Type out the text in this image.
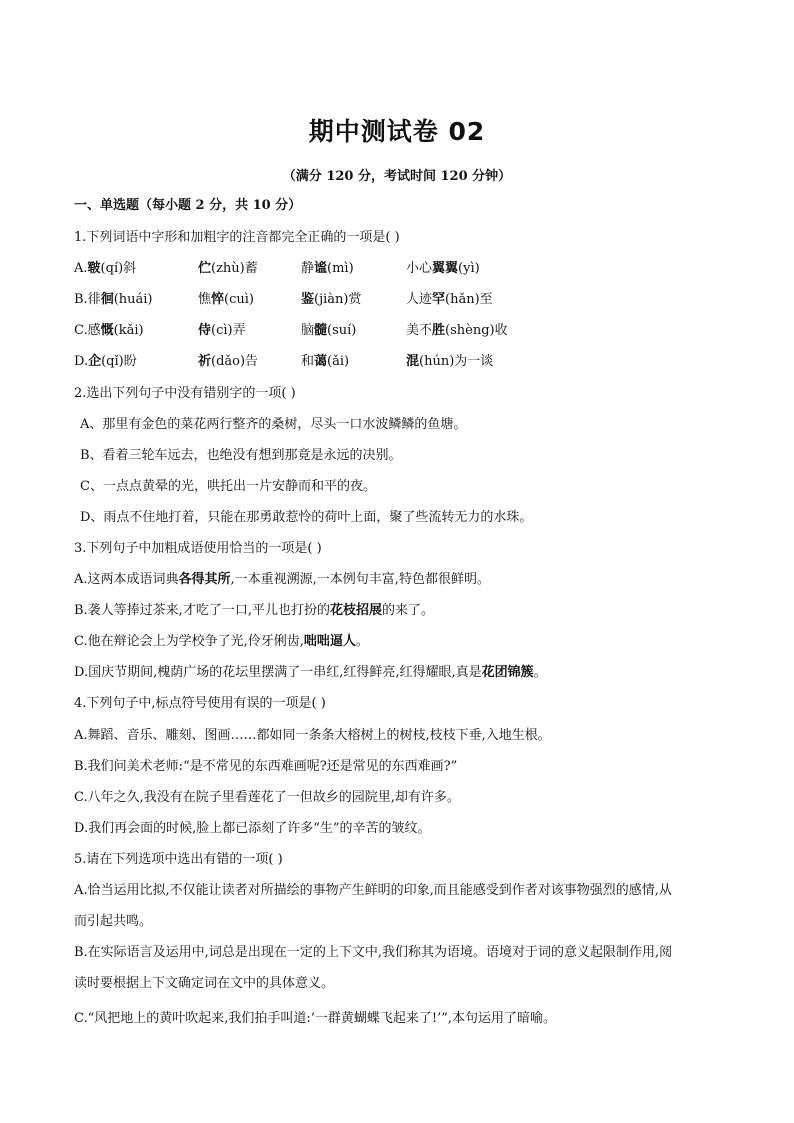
期中测试卷 02
（满分 120 分，考试时间 120 分钟）
一、单选题（每小题 2 分，共 10 分）
1.下列词语中字形和加粗字的注音都完全正确的一项是( )
A.皲(qí)斜	伫(zhù)蓄	静谧(mì)	小心翼翼(yì)
B.徘徊(huái)	憔悴(cuì)	鉴(jiàn)赏	人迹罕(hǎn)至
C.感慨(kǎi)	侍(cì)弄	脑髓(suí)	美不胜(shèng)收
D.企(qǐ)盼	祈(dǎo)告	和蔼(ǎi)	混(hún)为一谈
2.选出下列句子中没有错别字的一项( )
A、那里有金色的菜花两行整齐的桑树，尽头一口水波鳞鳞的鱼塘。
B、看着三轮车远去，也绝没有想到那竟是永远的决别。
C、一点点黄晕的光，哄托出一片安静而和平的夜。
D、雨点不住地打着，只能在那勇敢惹怜的荷叶上面，聚了些流转无力的水珠。
3.下列句子中加粗成语使用恰当的一项是( )
A.这两本成语词典各得其所,一本重视溯源,一本例句丰富,特色都很鲜明。
B.袭人等捧过茶来,才吃了一口,平儿也打扮的花枝招展的来了。
C.他在辩论会上为学校争了光,伶牙俐齿,咄咄逼人。
D.国庆节期间,槐荫广场的花坛里摆满了一串红,红得鲜亮,红得耀眼,真是花团锦簇。
4.下列句子中,标点符号使用有误的一项是( )
A.舞蹈、音乐、雕刻、图画……都如同一条条大榕树上的树枝,枝枝下垂,入地生根。
B.我们问美术老师:“是不常见的东西难画呢?还是常见的东西难画?”
C.八年之久,我没有在院子里看莲花了一但故乡的园院里,却有许多。
D.我们再会面的时候,脸上都已添刻了许多“生”的辛苦的皱纹。
5.请在下列选项中选出有错的一项( )
A.恰当运用比拟,不仅能让读者对所描绘的事物产生鲜明的印象,而且能感受到作者对该事物强烈的感情,从
而引起共鸣。
B.在实际语言及运用中,词总是出现在一定的上下文中,我们称其为语境。语境对于词的意义起限制作用,阅
读时要根据上下文确定词在文中的具体意义。
C.“风把地上的黄叶吹起来,我们拍手叫道:‘一群黄蝴蝶飞起来了!’”,本句运用了暗喻。
